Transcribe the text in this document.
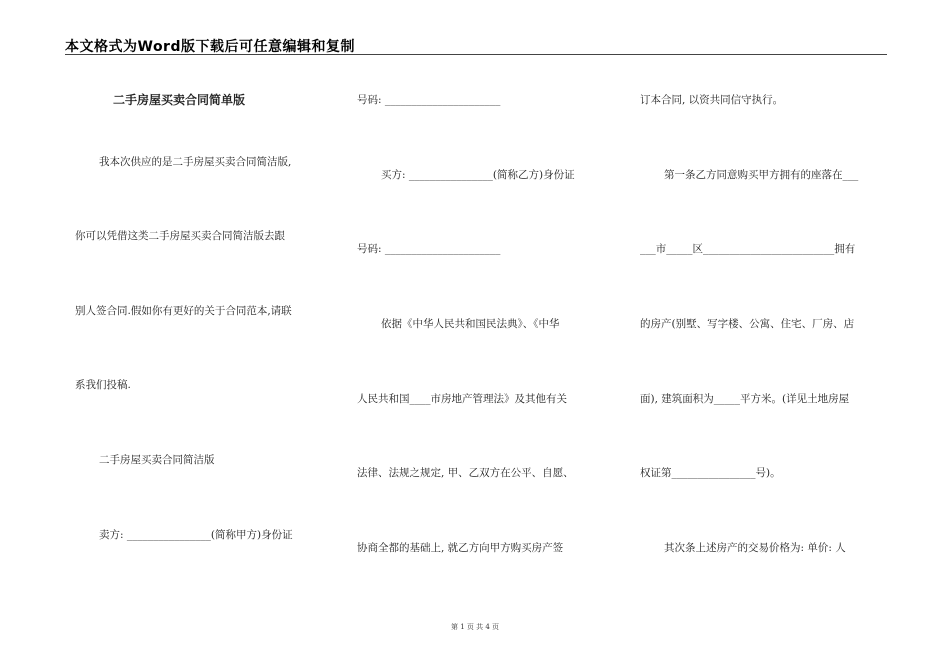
本文格式为Word版下载后可任意编辑和复制
二手房屋买卖合同简单版
我本次供应的是二手房屋买卖合同简洁版,
你可以凭借这类二手房屋买卖合同简洁版去跟
别人签合同.假如你有更好的关于合同范本,请联
系我们投稿.
二手房屋买卖合同简洁版
卖方: ________________(简称甲方)身份证
号码: ______________________
买方: ________________(简称乙方)身份证
号码: ______________________
依据《中华人民共和国民法典》、《中华
人民共和国____市房地产管理法》及其他有关
法律、法规之规定, 甲、乙双方在公平、自愿、
协商全都的基础上, 就乙方向甲方购买房产签
订本合同, 以资共同信守执行。
第一条乙方同意购买甲方拥有的座落在___
___市_____区_________________________拥有
的房产(别墅、写字楼、公寓、住宅、厂房、店
面), 建筑面积为_____平方米。(详见土地房屋
权证第________________号)。
其次条上述房产的交易价格为: 单价: 人
第 1 页 共 4 页
